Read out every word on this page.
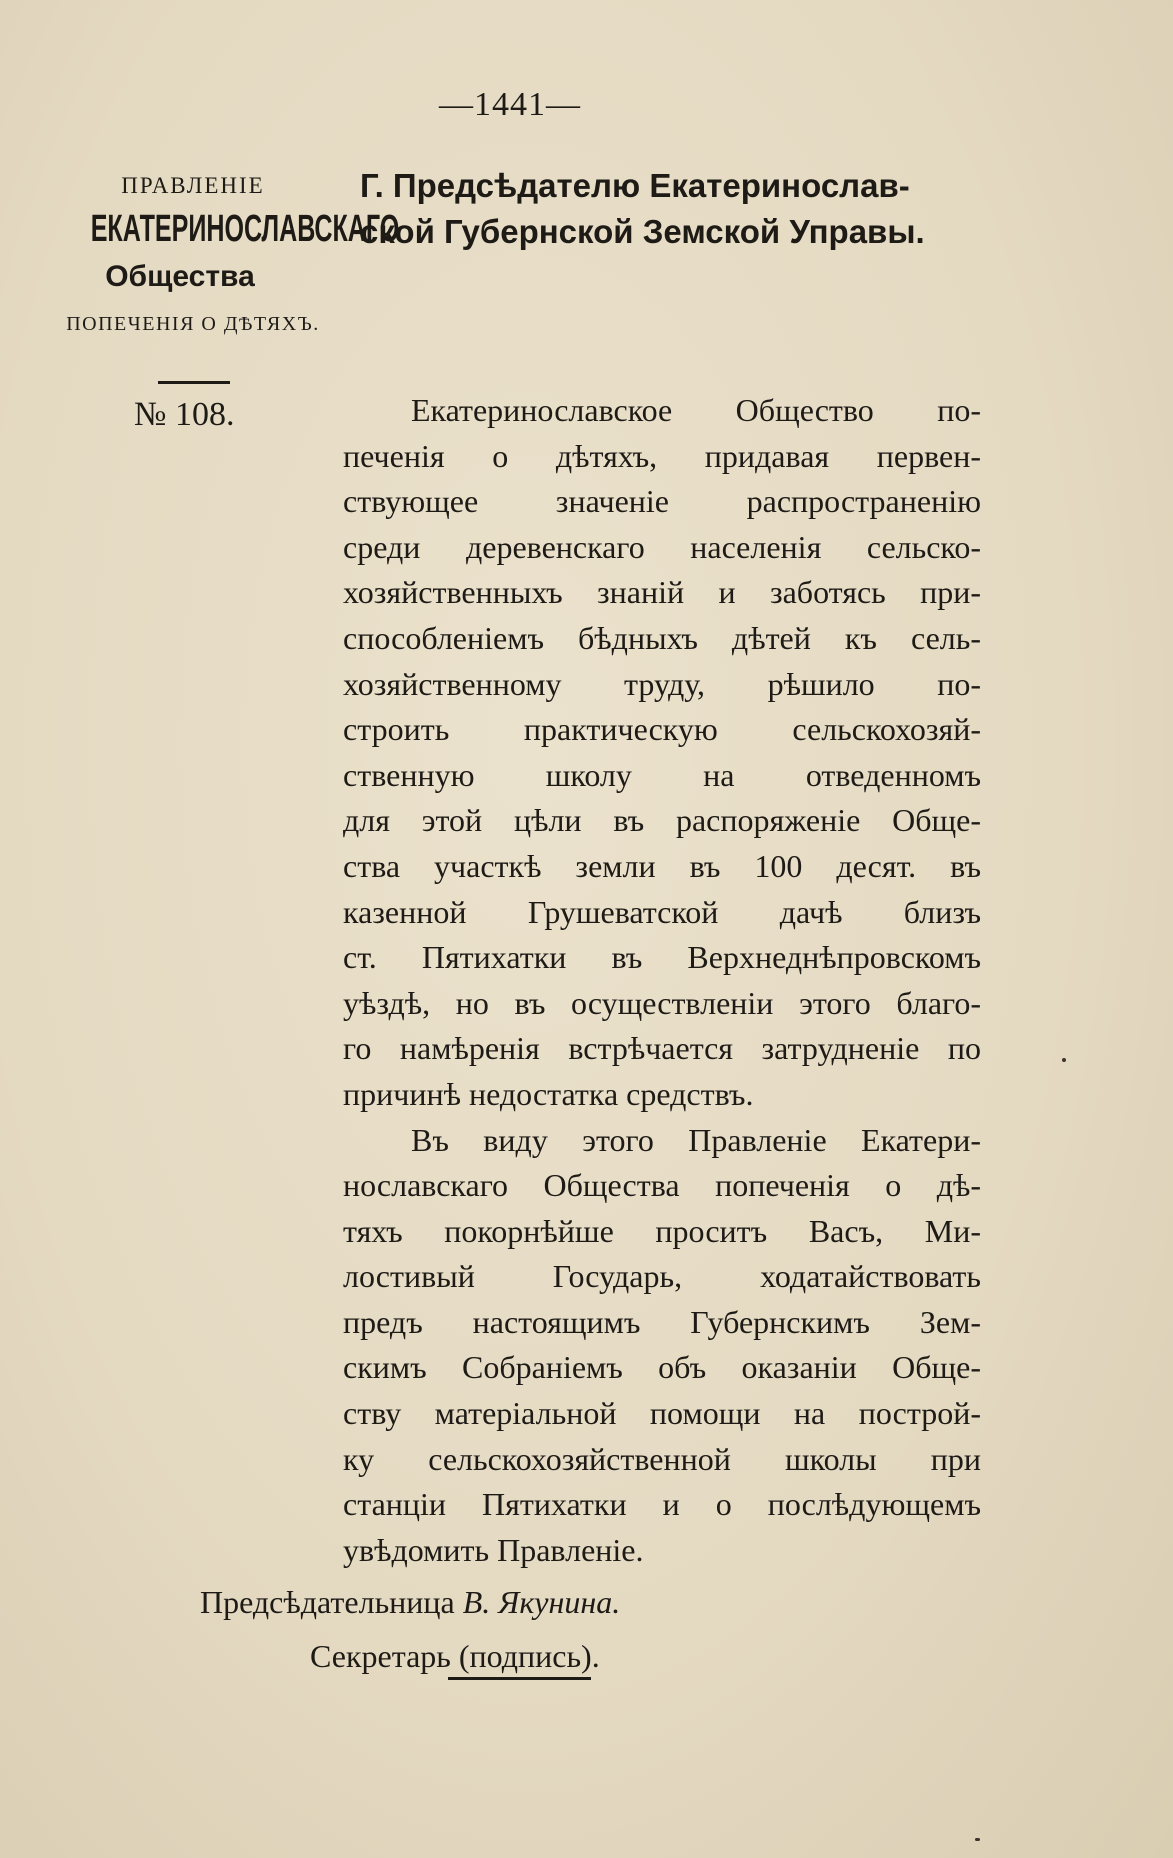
—1441—
ПРАВЛЕНІЕ
ЕКАТЕРИНОСЛАВСКАГО
Общества
ПОПЕЧЕНІЯ О ДѢТЯХЪ.
№ 108.
Г. Предсѣдателю Екатеринослав-
ской Губернской Земской Управы.
Екатеринославское Общество по-
печенія о дѣтяхъ, придавая первен-
ствующее значеніе распространенію
среди деревенскаго населенія сельско-
хозяйственныхъ знаній и заботясь при-
способленіемъ бѣдныхъ дѣтей къ сель-
хозяйственному труду, рѣшило по-
строить практическую сельскохозяй-
ственную школу на отведенномъ
для этой цѣли въ распоряженіе Обще-
ства участкѣ земли въ 100 десят. въ
казенной Грушеватской дачѣ близъ
ст. Пятихатки въ Верхнеднѣпровскомъ
уѣздѣ, но въ осуществленіи этого благо-
го намѣренія встрѣчается затрудненіе по
причинѣ недостатка средствъ.
Въ виду этого Правленіе Екатери-
нославскаго Общества попеченія о дѣ-
тяхъ покорнѣйше проситъ Васъ, Ми-
лостивый Государь, ходатайствовать
предъ настоящимъ Губернскимъ Зем-
скимъ Собраніемъ объ оказаніи Обще-
ству матеріальной помощи на построй-
ку сельскохозяйственной школы при
станціи Пятихатки и о послѣдующемъ
увѣдомить Правленіе.
Предсѣдательница В. Якунина.
Секретарь (подпись).
